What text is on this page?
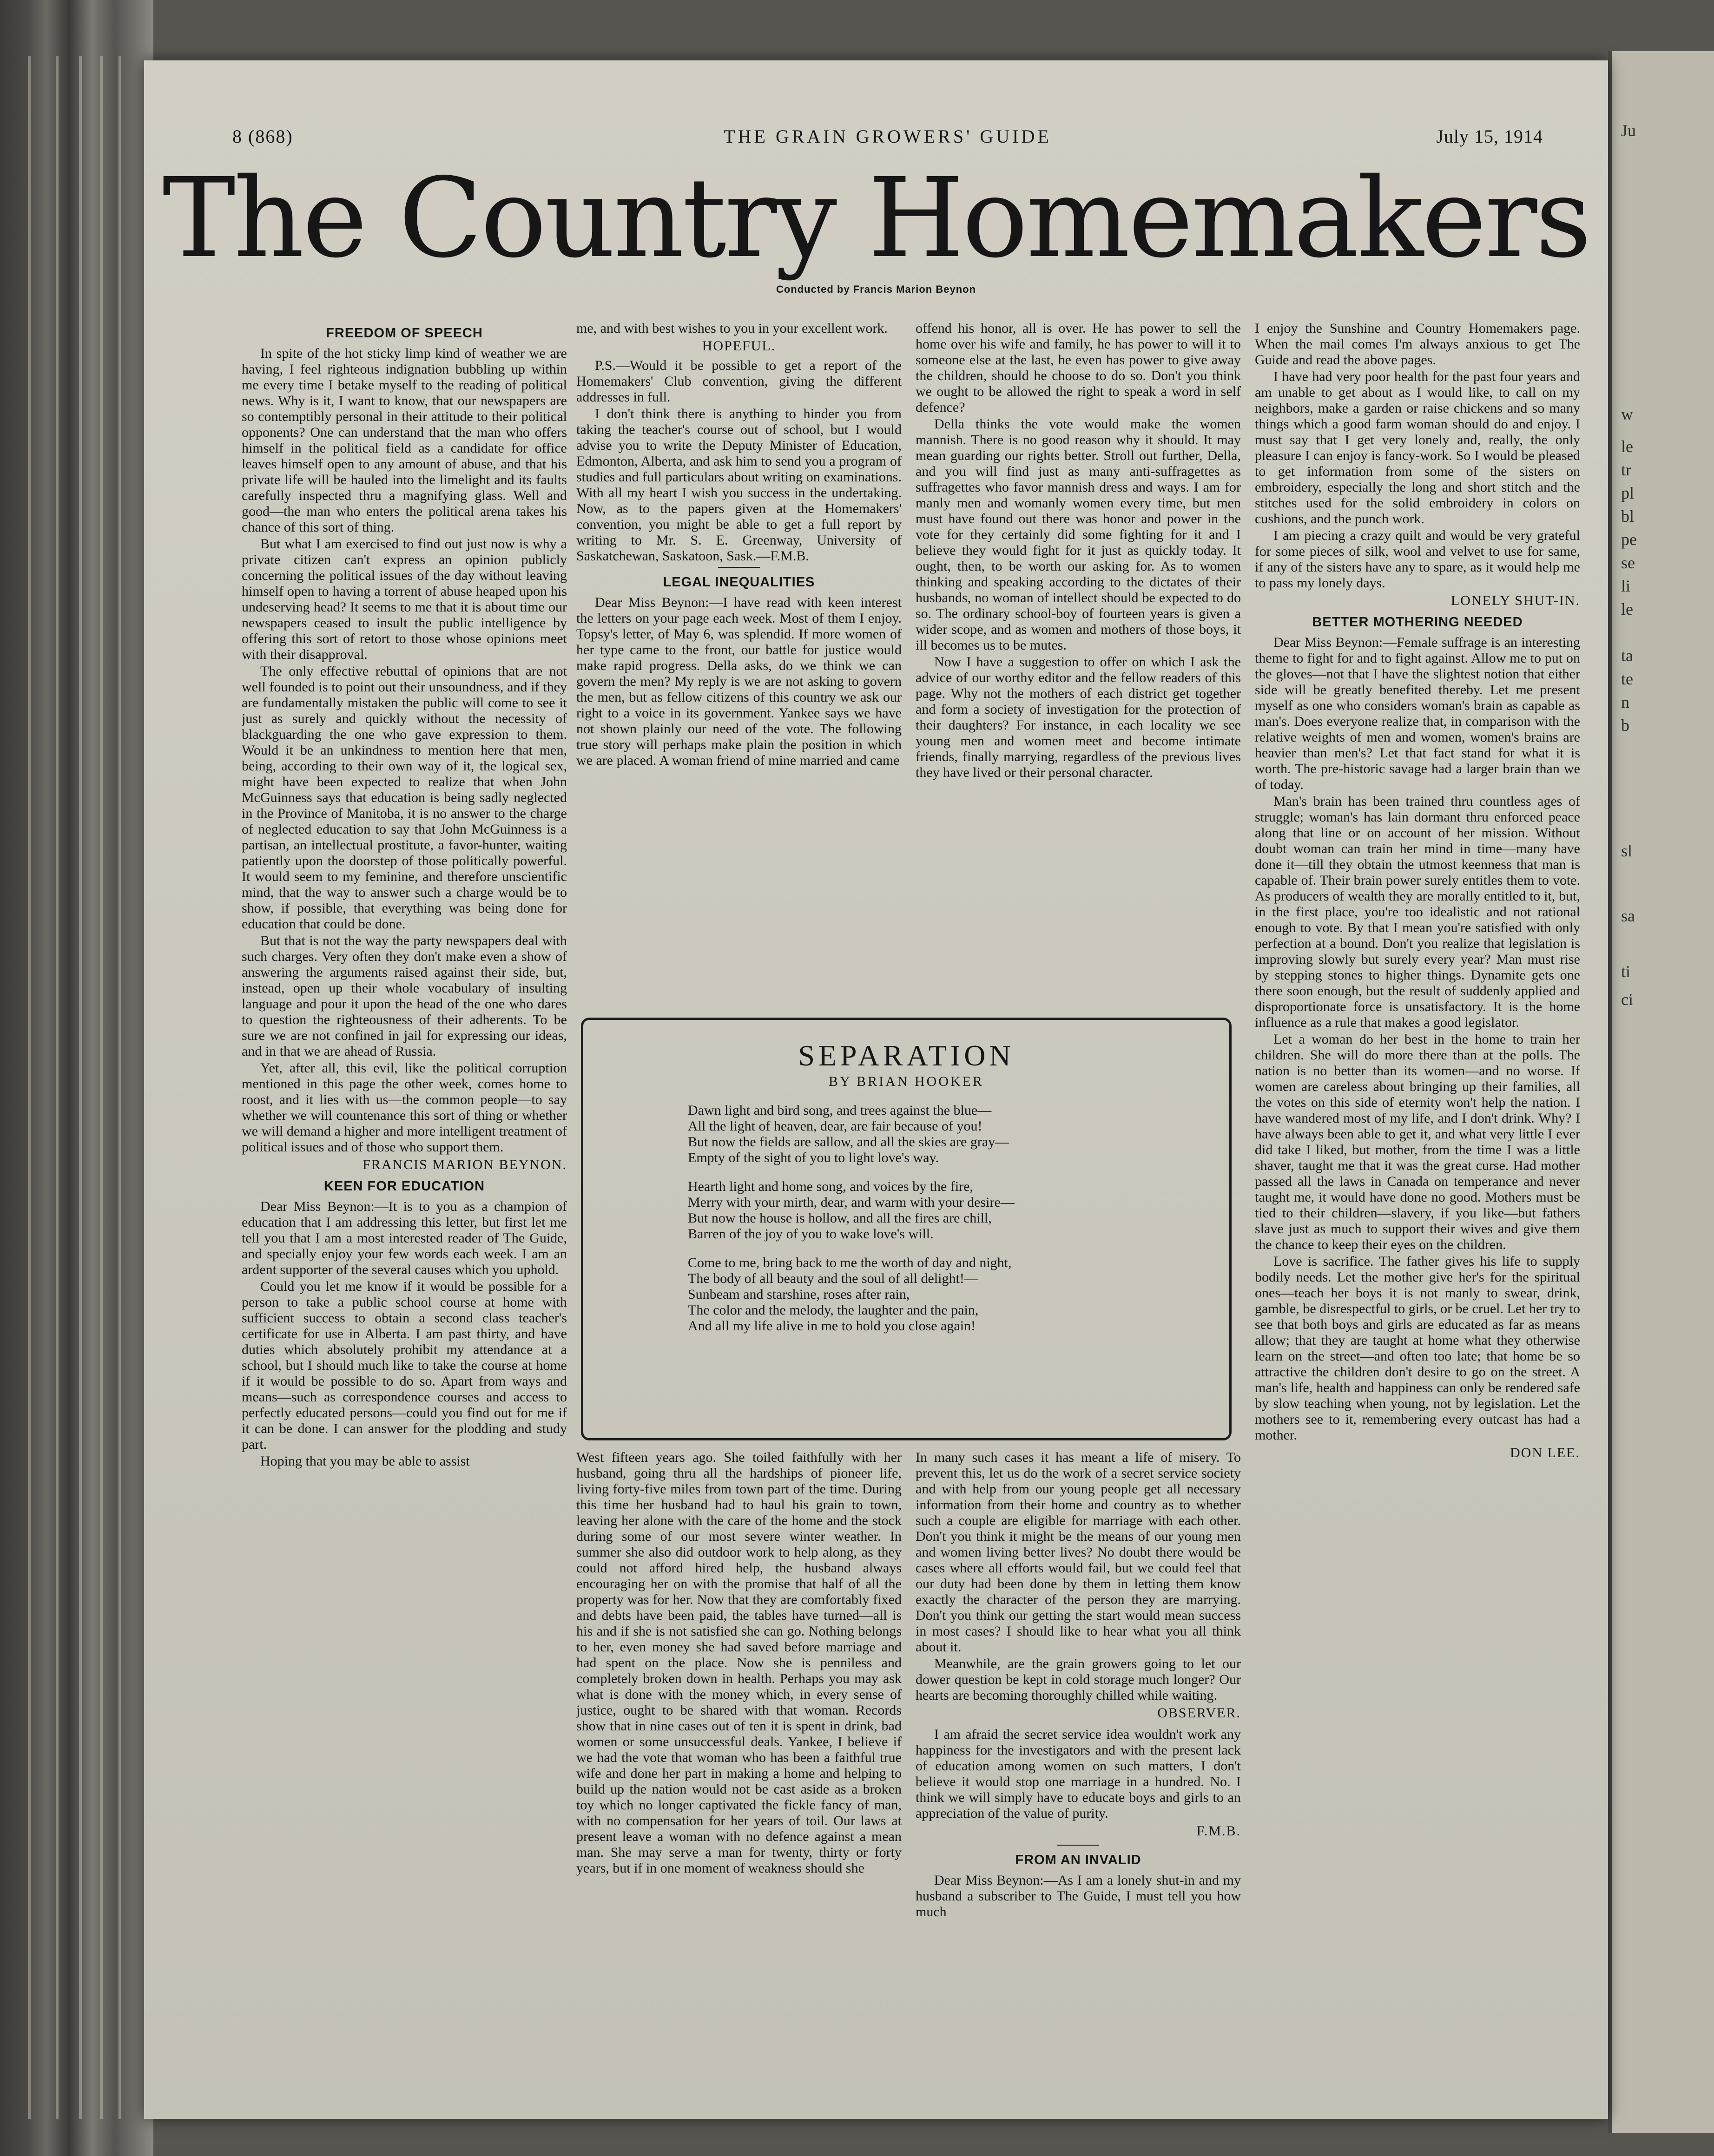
Ju
w
le
tr
pl
bl
pe
se
li
le
ta
te
n
b
sl
sa
ti
ci
8 (868)	THE GRAIN GROWERS' GUIDE	July 15, 1914
The Country Homemakers
Conducted by Francis Marion Beynon
FREEDOM OF SPEECH

In spite of the hot sticky limp kind of weather we are having, I feel righteous indignation bubbling up within me every time I betake myself to the reading of political news. Why is it, I want to know, that our newspapers are so contemptibly personal in their attitude to their political opponents? One can understand that the man who offers himself in the political field as a candidate for office leaves himself open to any amount of abuse, and that his private life will be hauled into the limelight and its faults carefully inspected thru a magnifying glass. Well and good—the man who enters the political arena takes his chance of this sort of thing.

But what I am exercised to find out just now is why a private citizen can't express an opinion publicly concerning the political issues of the day without leaving himself open to having a torrent of abuse heaped upon his undeserving head? It seems to me that it is about time our newspapers ceased to insult the public intelligence by offering this sort of retort to those whose opinions meet with their disapproval.

The only effective rebuttal of opinions that are not well founded is to point out their unsoundness, and if they are fundamentally mistaken the public will come to see it just as surely and quickly without the necessity of blackguarding the one who gave expression to them. Would it be an unkindness to mention here that men, being, according to their own way of it, the logical sex, might have been expected to realize that when John McGuinness says that education is being sadly neglected in the Province of Manitoba, it is no answer to the charge of neglected education to say that John McGuinness is a partisan, an intellectual prostitute, a favor-hunter, waiting patiently upon the doorstep of those politically powerful. It would seem to my feminine, and therefore unscientific mind, that the way to answer such a charge would be to show, if possible, that everything was being done for education that could be done.

But that is not the way the party newspapers deal with such charges. Very often they don't make even a show of answering the arguments raised against their side, but, instead, open up their whole vocabulary of insulting language and pour it upon the head of the one who dares to question the righteousness of their adherents. To be sure we are not confined in jail for expressing our ideas, and in that we are ahead of Russia.

Yet, after all, this evil, like the political corruption mentioned in this page the other week, comes home to roost, and it lies with us—the common people—to say whether we will countenance this sort of thing or whether we will demand a higher and more intelligent treatment of political issues and of those who support them.

FRANCIS MARION BEYNON.

KEEN FOR EDUCATION

Dear Miss Beynon:—It is to you as a champion of education that I am addressing this letter, but first let me tell you that I am a most interested reader of The Guide, and specially enjoy your few words each week. I am an ardent supporter of the several causes which you uphold.

Could you let me know if it would be possible for a person to take a public school course at home with sufficient success to obtain a second class teacher's certificate for use in Alberta. I am past thirty, and have duties which absolutely prohibit my attendance at a school, but I should much like to take the course at home if it would be possible to do so. Apart from ways and means—such as correspondence courses and access to perfectly educated persons—could you find out for me if it can be done. I can answer for the plodding and study part.

Hoping that you may be able to assist

me, and with best wishes to you in your excellent work.

HOPEFUL.

P.S.—Would it be possible to get a report of the Homemakers' Club convention, giving the different addresses in full.

I don't think there is anything to hinder you from taking the teacher's course out of school, but I would advise you to write the Deputy Minister of Education, Edmonton, Alberta, and ask him to send you a program of studies and full particulars about writing on examinations. With all my heart I wish you success in the undertaking. Now, as to the papers given at the Homemakers' convention, you might be able to get a full report by writing to Mr. S. E. Greenway, University of Saskatchewan, Saskatoon, Sask.—F.M.B.

LEGAL INEQUALITIES

Dear Miss Beynon:—I have read with keen interest the letters on your page each week. Most of them I enjoy. Topsy's letter, of May 6, was splendid. If more women of her type came to the front, our battle for justice would make rapid progress. Della asks, do we think we can govern the men? My reply is we are not asking to govern the men, but as fellow citizens of this country we ask our right to a voice in its government. Yankee says we have not shown plainly our need of the vote. The following true story will perhaps make plain the position in which we are placed. A woman friend of mine married and came

offend his honor, all is over. He has power to sell the home over his wife and family, he has power to will it to someone else at the last, he even has power to give away the children, should he choose to do so. Don't you think we ought to be allowed the right to speak a word in self defence?

Della thinks the vote would make the women mannish. There is no good reason why it should. It may mean guarding our rights better. Stroll out further, Della, and you will find just as many anti-suffragettes as suffragettes who favor mannish dress and ways. I am for manly men and womanly women every time, but men must have found out there was honor and power in the vote for they certainly did some fighting for it and I believe they would fight for it just as quickly today. It ought, then, to be worth our asking for. As to women thinking and speaking according to the dictates of their husbands, no woman of intellect should be expected to do so. The ordinary school-boy of fourteen years is given a wider scope, and as women and mothers of those boys, it ill becomes us to be mutes.

Now I have a suggestion to offer on which I ask the advice of our worthy editor and the fellow readers of this page. Why not the mothers of each district get together and form a society of investigation for the protection of their daughters? For instance, in each locality we see young men and women meet and become intimate friends, finally marrying, regardless of the previous lives they have lived or their personal character.

SEPARATION
BY BRIAN HOOKER
Dawn light and bird song, and trees against the blue—
All the light of heaven, dear, are fair because of you!
But now the fields are sallow, and all the skies are gray—
Empty of the sight of you to light love's way.
Hearth light and home song, and voices by the fire,
Merry with your mirth, dear, and warm with your desire—
But now the house is hollow, and all the fires are chill,
Barren of the joy of you to wake love's will.
Come to me, bring back to me the worth of day and night,
The body of all beauty and the soul of all delight!—
Sunbeam and starshine, roses after rain,
The color and the melody, the laughter and the pain,
And all my life alive in me to hold you close again!

West fifteen years ago. She toiled faithfully with her husband, going thru all the hardships of pioneer life, living forty-five miles from town part of the time. During this time her husband had to haul his grain to town, leaving her alone with the care of the home and the stock during some of our most severe winter weather. In summer she also did outdoor work to help along, as they could not afford hired help, the husband always encouraging her on with the promise that half of all the property was for her. Now that they are comfortably fixed and debts have been paid, the tables have turned—all is his and if she is not satisfied she can go. Nothing belongs to her, even money she had saved before marriage and had spent on the place. Now she is penniless and completely broken down in health. Perhaps you may ask what is done with the money which, in every sense of justice, ought to be shared with that woman. Records show that in nine cases out of ten it is spent in drink, bad women or some unsuccessful deals. Yankee, I believe if we had the vote that woman who has been a faithful true wife and done her part in making a home and helping to build up the nation would not be cast aside as a broken toy which no longer captivated the fickle fancy of man, with no compensation for her years of toil. Our laws at present leave a woman with no defence against a mean man. She may serve a man for twenty, thirty or forty years, but if in one moment of weakness should she

In many such cases it has meant a life of misery. To prevent this, let us do the work of a secret service society and with help from our young people get all necessary information from their home and country as to whether such a couple are eligible for marriage with each other. Don't you think it might be the means of our young men and women living better lives? No doubt there would be cases where all efforts would fail, but we could feel that our duty had been done by them in letting them know exactly the character of the person they are marrying. Don't you think our getting the start would mean success in most cases? I should like to hear what you all think about it.

Meanwhile, are the grain growers going to let our dower question be kept in cold storage much longer? Our hearts are becoming thoroughly chilled while waiting.

OBSERVER.

I am afraid the secret service idea wouldn't work any happiness for the investigators and with the present lack of education among women on such matters, I don't believe it would stop one marriage in a hundred. No. I think we will simply have to educate boys and girls to an appreciation of the value of purity.

F.M.B.

FROM AN INVALID

Dear Miss Beynon:—As I am a lonely shut-in and my husband a subscriber to The Guide, I must tell you how much

I enjoy the Sunshine and Country Homemakers page. When the mail comes I'm always anxious to get The Guide and read the above pages.

I have had very poor health for the past four years and am unable to get about as I would like, to call on my neighbors, make a garden or raise chickens and so many things which a good farm woman should do and enjoy. I must say that I get very lonely and, really, the only pleasure I can enjoy is fancy-work. So I would be pleased to get information from some of the sisters on embroidery, especially the long and short stitch and the stitches used for the solid embroidery in colors on cushions, and the punch work.

I am piecing a crazy quilt and would be very grateful for some pieces of silk, wool and velvet to use for same, if any of the sisters have any to spare, as it would help me to pass my lonely days.

LONELY SHUT-IN.

BETTER MOTHERING NEEDED

Dear Miss Beynon:—Female suffrage is an interesting theme to fight for and to fight against. Allow me to put on the gloves—not that I have the slightest notion that either side will be greatly benefited thereby. Let me present myself as one who considers woman's brain as capable as man's. Does everyone realize that, in comparison with the relative weights of men and women, women's brains are heavier than men's? Let that fact stand for what it is worth. The pre-historic savage had a larger brain than we of today.

Man's brain has been trained thru countless ages of struggle; woman's has lain dormant thru enforced peace along that line or on account of her mission. Without doubt woman can train her mind in time—many have done it—till they obtain the utmost keenness that man is capable of. Their brain power surely entitles them to vote. As producers of wealth they are morally entitled to it, but, in the first place, you're too idealistic and not rational enough to vote. By that I mean you're satisfied with only perfection at a bound. Don't you realize that legislation is improving slowly but surely every year? Man must rise by stepping stones to higher things. Dynamite gets one there soon enough, but the result of suddenly applied and disproportionate force is unsatisfactory. It is the home influence as a rule that makes a good legislator.

Let a woman do her best in the home to train her children. She will do more there than at the polls. The nation is no better than its women—and no worse. If women are careless about bringing up their families, all the votes on this side of eternity won't help the nation. I have wandered most of my life, and I don't drink. Why? I have always been able to get it, and what very little I ever did take I liked, but mother, from the time I was a little shaver, taught me that it was the great curse. Had mother passed all the laws in Canada on temperance and never taught me, it would have done no good. Mothers must be tied to their children—slavery, if you like—but fathers slave just as much to support their wives and give them the chance to keep their eyes on the children.

Love is sacrifice. The father gives his life to supply bodily needs. Let the mother give her's for the spiritual ones—teach her boys it is not manly to swear, drink, gamble, be disrespectful to girls, or be cruel. Let her try to see that both boys and girls are educated as far as means allow; that they are taught at home what they otherwise learn on the street—and often too late; that home be so attractive the children don't desire to go on the street. A man's life, health and happiness can only be rendered safe by slow teaching when young, not by legislation. Let the mothers see to it, remembering every outcast has had a mother.

DON LEE.
